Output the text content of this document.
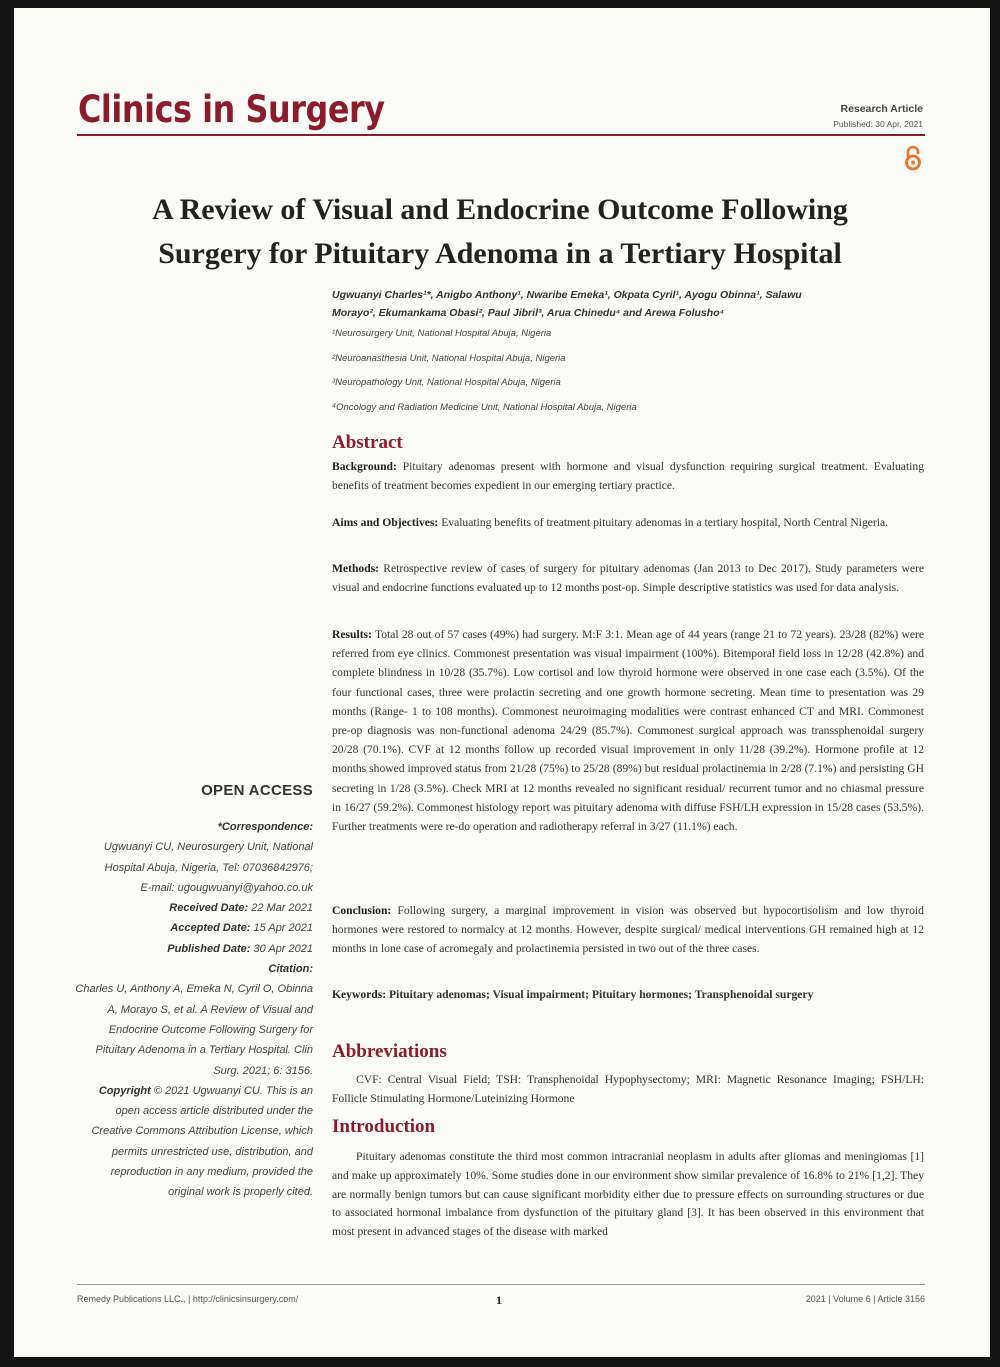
Clinics in Surgery	Research Article
Published: 30 Apr, 2021
A Review of Visual and Endocrine Outcome Following
Surgery for Pituitary Adenoma in a Tertiary Hospital
Ugwuanyi Charles¹*, Anigbo Anthony¹, Nwaribe Emeka¹, Okpata Cyril¹, Ayogu Obinna¹, Salawu
Morayo², Ekumankama Obasi², Paul Jibril³, Arua Chinedu⁴ and Arewa Folusho⁴
¹Neurosurgery Unit, National Hospital Abuja, Nigeria
²Neuroanasthesia Unit, National Hospital Abuja, Nigeria
³Neuropathology Unit, National Hospital Abuja, Nigeria
⁴Oncology and Radiation Medicine Unit, National Hospital Abuja, Nigeria
Abstract
Background: Pituitary adenomas present with hormone and visual dysfunction requiring surgical treatment. Evaluating benefits of treatment becomes expedient in our emerging tertiary practice.
Aims and Objectives: Evaluating benefits of treatment pituitary adenomas in a tertiary hospital, North Central Nigeria.
Methods: Retrospective review of cases of surgery for pituitary adenomas (Jan 2013 to Dec 2017). Study parameters were visual and endocrine functions evaluated up to 12 months post-op. Simple descriptive statistics was used for data analysis.
Results: Total 28 out of 57 cases (49%) had surgery. M:F 3:1. Mean age of 44 years (range 21 to 72 years). 23/28 (82%) were referred from eye clinics. Commonest presentation was visual impairment (100%). Bitemporal field loss in 12/28 (42.8%) and complete blindness in 10/28 (35.7%). Low cortisol and low thyroid hormone were observed in one case each (3.5%). Of the four functional cases, three were prolactin secreting and one growth hormone secreting. Mean time to presentation was 29 months (Range- 1 to 108 months). Commonest neuroimaging modalities were contrast enhanced CT and MRI. Commonest pre-op diagnosis was non-functional adenoma 24/29 (85.7%). Commonest surgical approach was transsphenoidal surgery 20/28 (70.1%). CVF at 12 months follow up recorded visual improvement in only 11/28 (39.2%). Hormone profile at 12 months showed improved status from 21/28 (75%) to 25/28 (89%) but residual prolactinemia in 2/28 (7.1%) and persisting GH secreting in 1/28 (3.5%). Check MRI at 12 months revealed no significant residual/ recurrent tumor and no chiasmal pressure in 16/27 (59.2%). Commonest histology report was pituitary adenoma with diffuse FSH/LH expression in 15/28 cases (53.5%). Further treatments were re-do operation and radiotherapy referral in 3/27 (11.1%) each.
Conclusion: Following surgery, a marginal improvement in vision was observed but hypocortisolism and low thyroid hormones were restored to normalcy at 12 months. However, despite surgical/ medical interventions GH remained high at 12 months in lone case of acromegaly and prolactinemia persisted in two out of the three cases.
Keywords: Pituitary adenomas; Visual impairment; Pituitary hormones; Transphenoidal surgery
Abbreviations
CVF: Central Visual Field; TSH: Transphenoidal Hypophysectomy; MRI: Magnetic Resonance Imaging; FSH/LH: Follicle Stimulating Hormone/Luteinizing Hormone
Introduction
Pituitary adenomas constitute the third most common intracranial neoplasm in adults after gliomas and meningiomas [1] and make up approximately 10%. Some studies done in our environment show similar prevalence of 16.8% to 21% [1,2]. They are normally benign tumors but can cause significant morbidity either due to pressure effects on surrounding structures or due to associated hormonal imbalance from dysfunction of the pituitary gland [3]. It has been observed in this environment that most present in advanced stages of the disease with marked
OPEN ACCESS
*Correspondence:
Ugwuanyi CU, Neurosurgery Unit, National Hospital Abuja, Nigeria, Tel: 07036842976;
E-mail: ugougwuanyi@yahoo.co.uk
Received Date: 22 Mar 2021
Accepted Date: 15 Apr 2021
Published Date: 30 Apr 2021
Citation:
Charles U, Anthony A, Emeka N, Cyril O, Obinna A, Morayo S, et al. A Review of Visual and Endocrine Outcome Following Surgery for Pituitary Adenoma in a Tertiary Hospital. Clin Surg. 2021; 6: 3156.
Copyright © 2021 Ugwuanyi CU. This is an open access article distributed under the Creative Commons Attribution License, which permits unrestricted use, distribution, and reproduction in any medium, provided the original work is properly cited.
Remedy Publications LLC., | http://clinicsinsurgery.com/	1	2021 | Volume 6 | Article 3156
